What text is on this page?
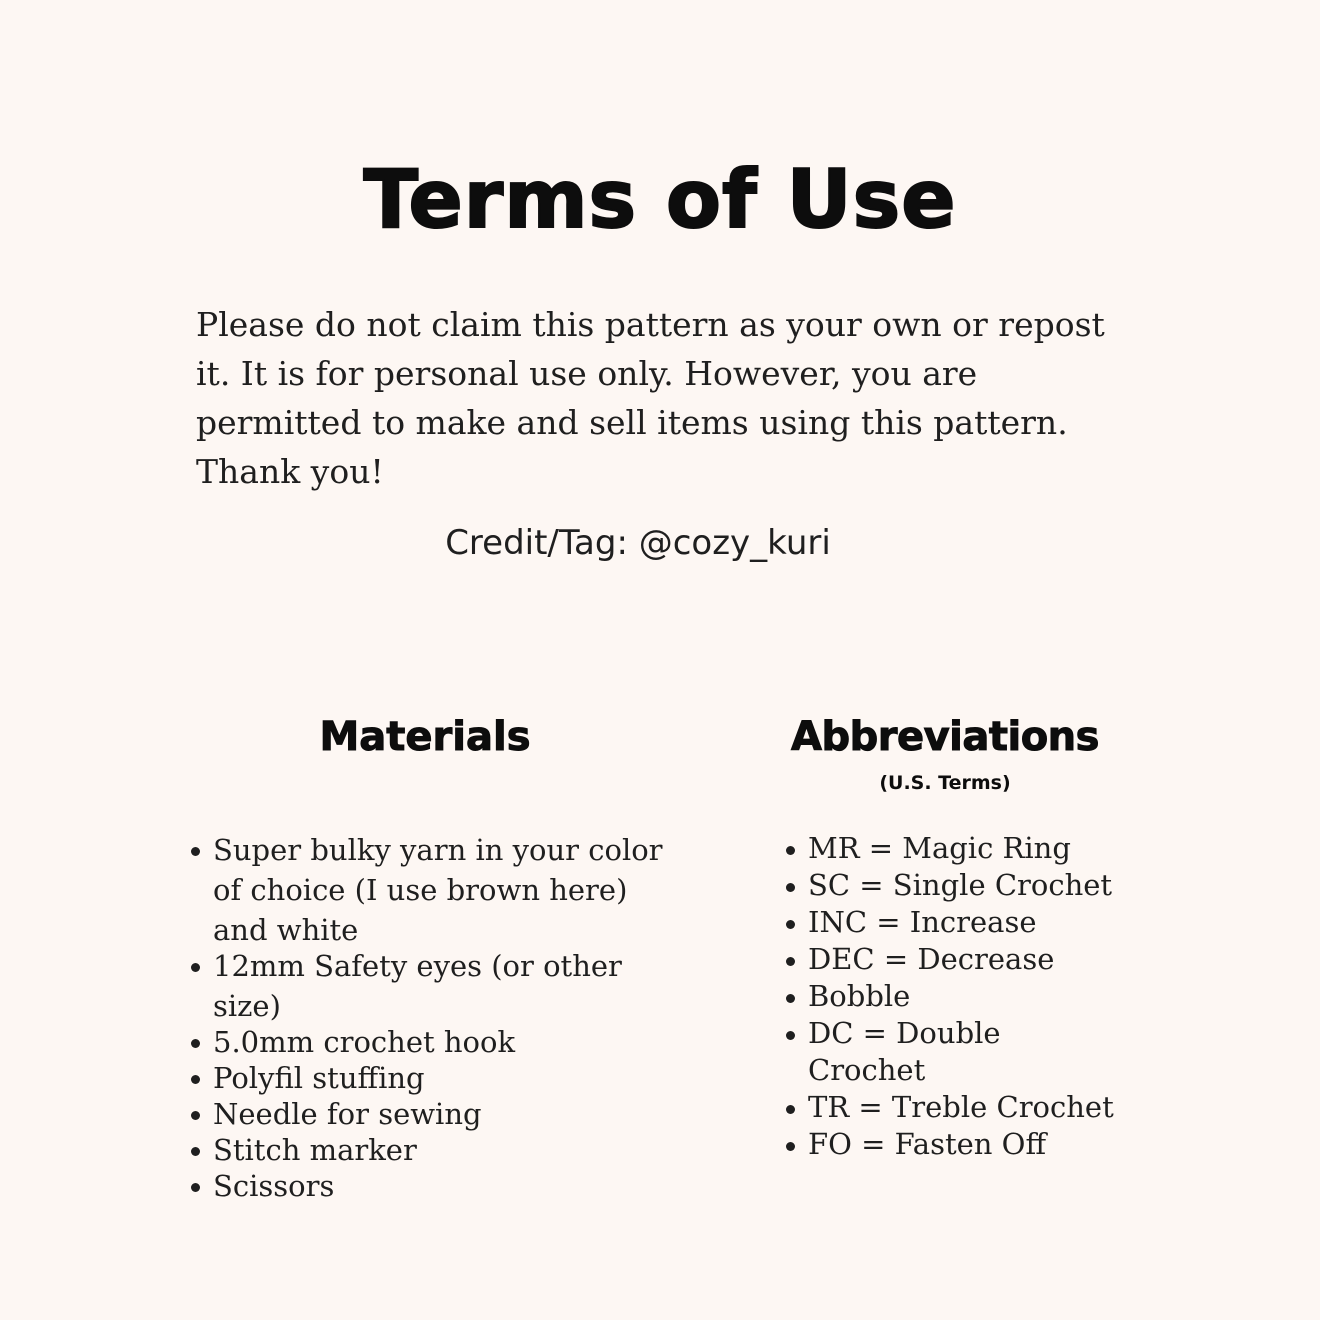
Terms of Use

Please do not claim this pattern as your own or repost it. It is for personal use only. However, you are permitted to make and sell items using this pattern. Thank you!

Credit/Tag: @cozy_kuri
Materials
Super bulky yarn in your color of choice (I use brown here) and white
12mm Safety eyes (or other size)
5.0mm crochet hook
Polyfil stuffing
Needle for sewing
Stitch marker
Scissors
Abbreviations
(U.S. Terms)
MR = Magic Ring
SC = Single Crochet
INC = Increase
DEC = Decrease
Bobble
DC = Double Crochet
TR = Treble Crochet
FO = Fasten Off
